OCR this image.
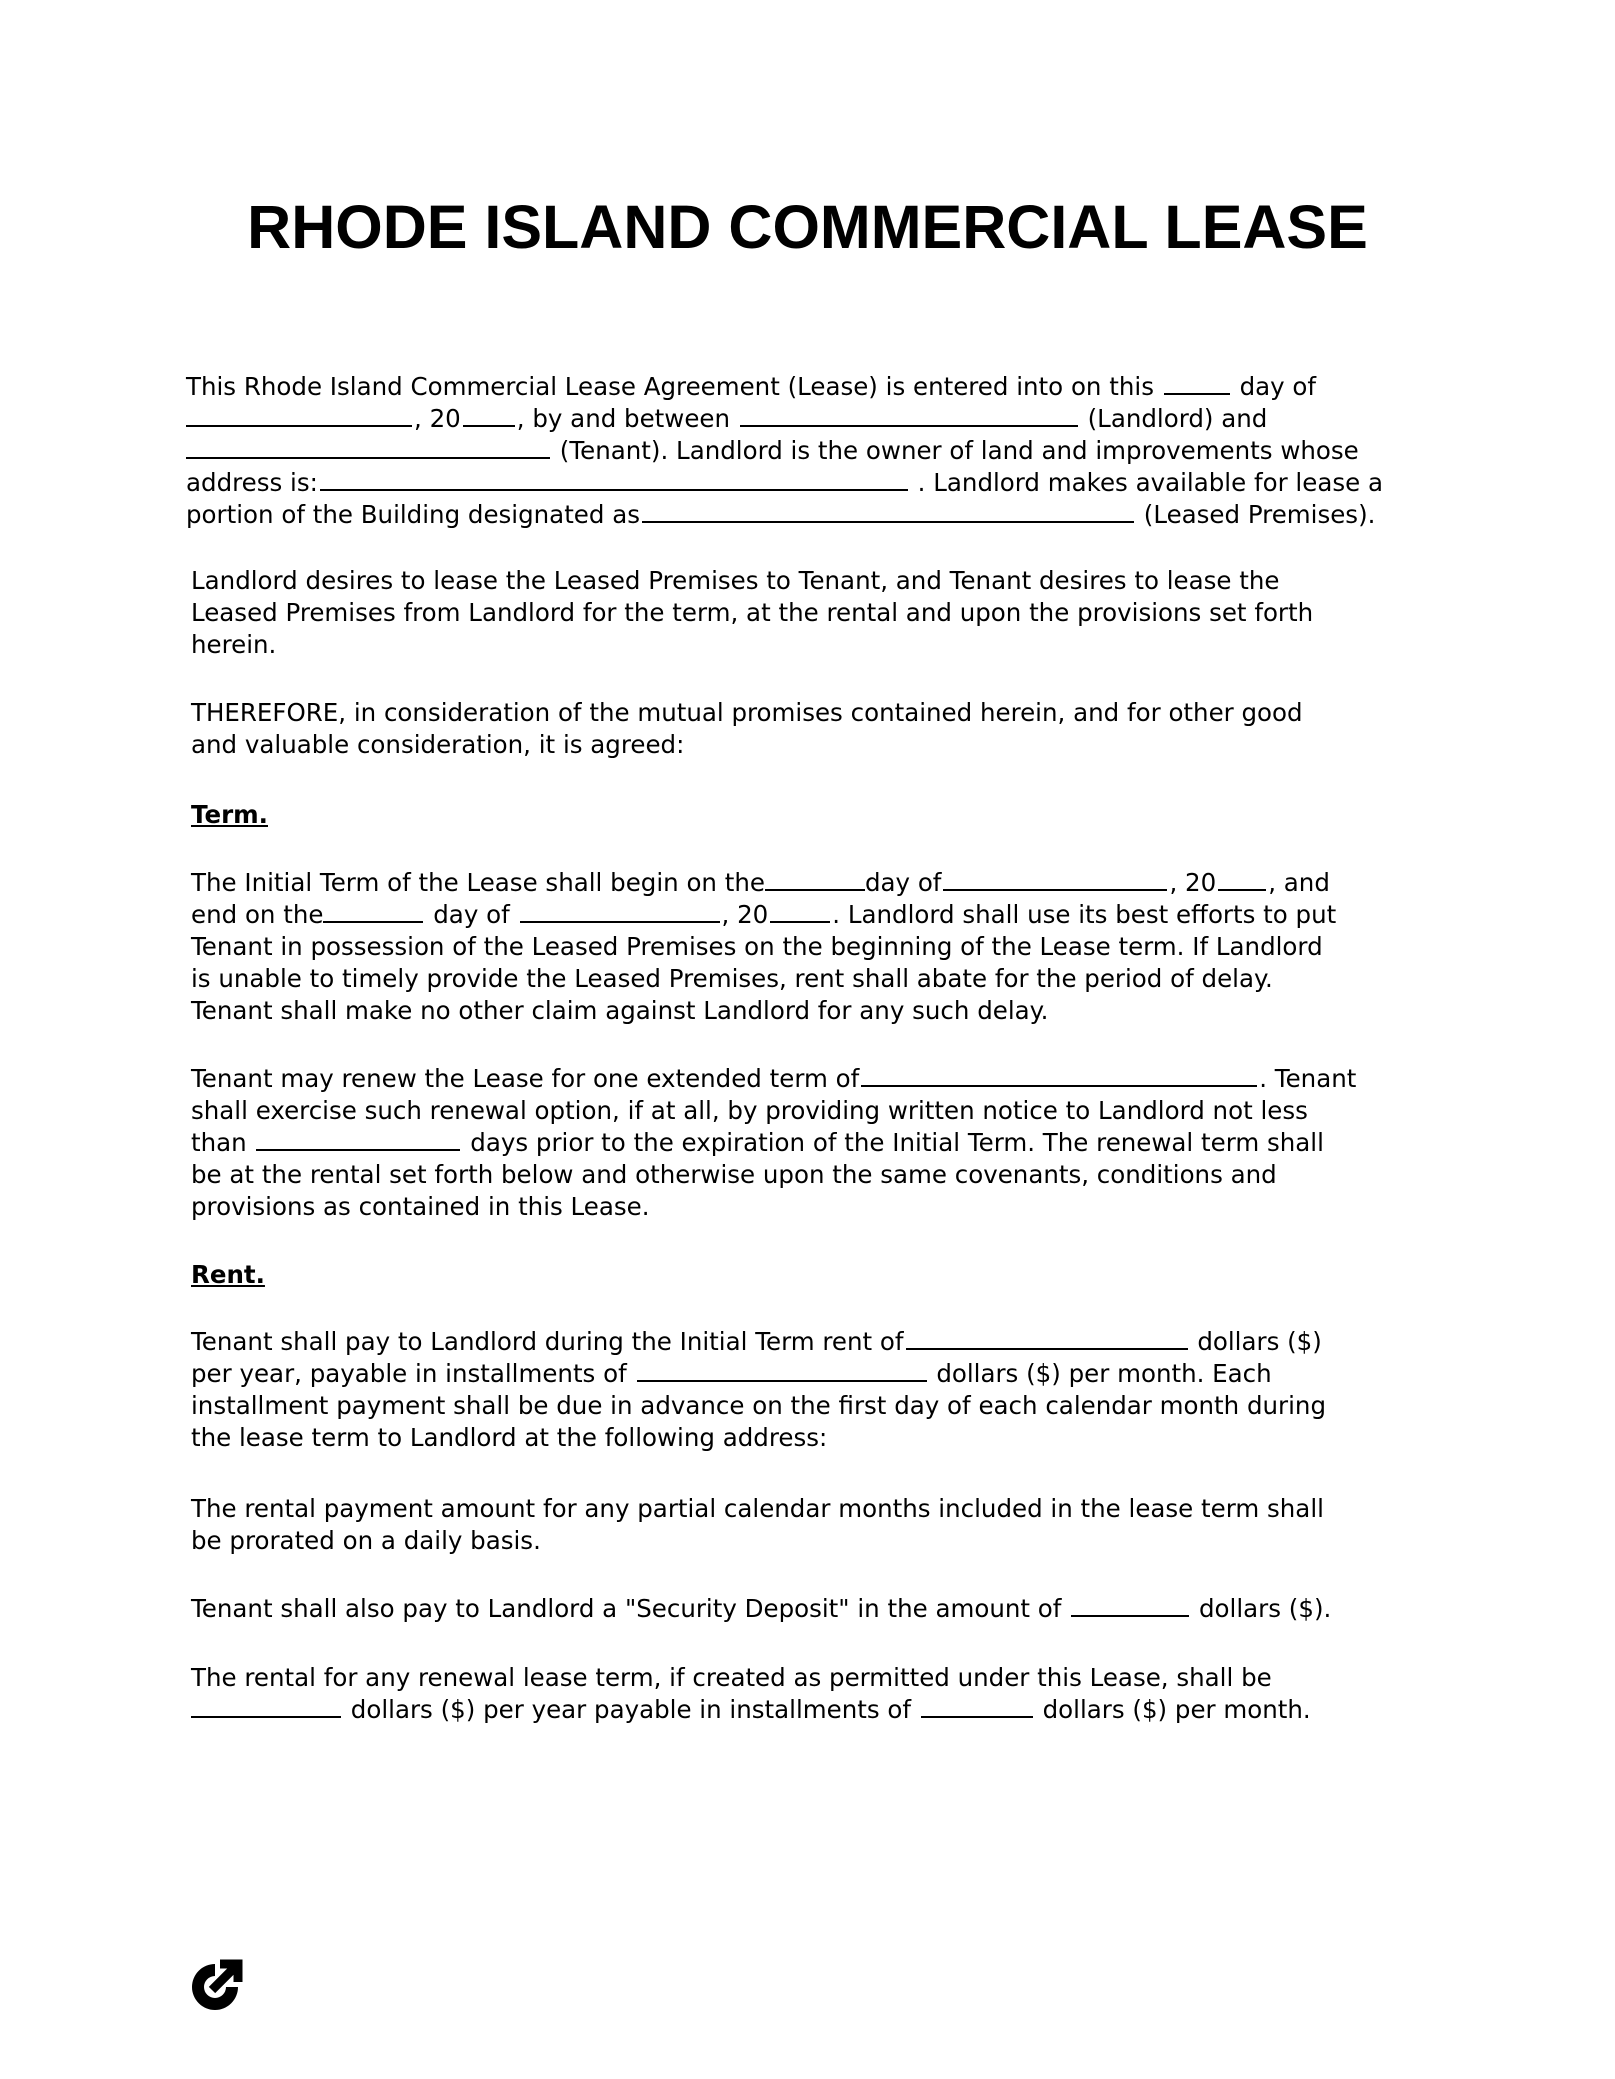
RHODE ISLAND COMMERCIAL LEASE
This Rhode Island Commercial Lease Agreement (Lease) is entered into on this	day of
, 20 , by and between	(Landlord) and
(Tenant). Landlord is the owner of land and improvements whose
address is:	. Landlord makes available for lease a
portion of the Building designated as	(Leased Premises).
Landlord desires to lease the Leased Premises to Tenant, and Tenant desires to lease the
Leased Premises from Landlord for the term, at the rental and upon the provisions set forth
herein.
THEREFORE, in consideration of the mutual promises contained herein, and for other good
and valuable consideration, it is agreed:
Term.
The Initial Term of the Lease shall begin on the	day of	, 20 , and
end on the	day of	, 20	. Landlord shall use its best efforts to put
Tenant in possession of the Leased Premises on the beginning of the Lease term. If Landlord
is unable to timely provide the Leased Premises, rent shall abate for the period of delay.
Tenant shall make no other claim against Landlord for any such delay.
Tenant may renew the Lease for one extended term of	. Tenant
shall exercise such renewal option, if at all, by providing written notice to Landlord not less
than	days prior to the expiration of the Initial Term. The renewal term shall
be at the rental set forth below and otherwise upon the same covenants, conditions and
provisions as contained in this Lease.
Rent.
Tenant shall pay to Landlord during the Initial Term rent of	dollars ($)
per year, payable in installments of	dollars ($) per month. Each
installment payment shall be due in advance on the first day of each calendar month during
the lease term to Landlord at the following address:
The rental payment amount for any partial calendar months included in the lease term shall
be prorated on a daily basis.
Tenant shall also pay to Landlord a "Security Deposit" in the amount of	dollars ($).
The rental for any renewal lease term, if created as permitted under this Lease, shall be
dollars ($) per year payable in installments of	dollars ($) per month.
